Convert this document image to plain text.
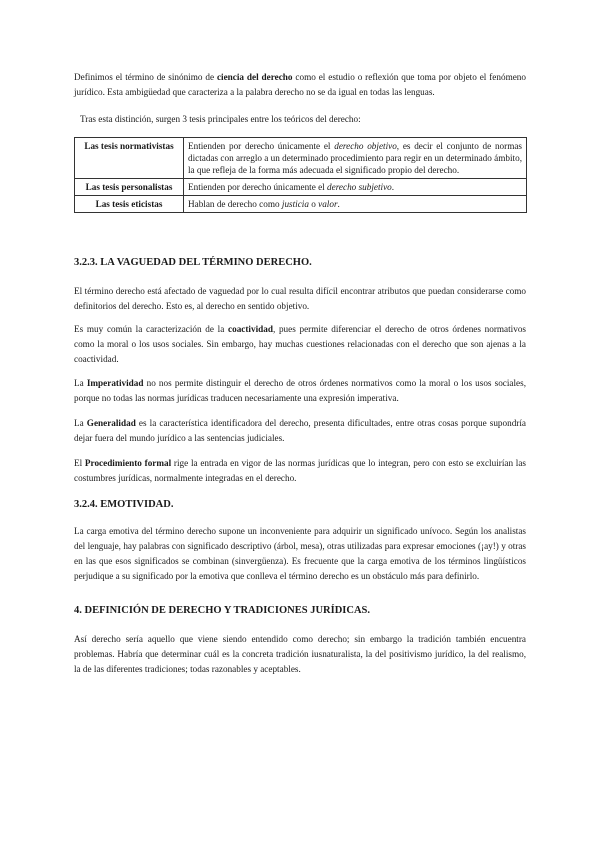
Definimos el término de sinónimo de ciencia del derecho como el estudio o reflexión que toma por objeto el fenómeno jurídico. Esta ambigüedad que caracteriza a la palabra derecho no se da igual en todas las lenguas.

Tras esta distinción, surgen 3 tesis principales entre los teóricos del derecho:

Las tesis normativistas	Entienden por derecho únicamente el derecho objetivo, es decir el conjunto de normas dictadas con arreglo a un determinado procedimiento para regir en un determinado ámbito, la que refleja de la forma más adecuada el significado propio del derecho.
Las tesis personalistas	Entienden por derecho únicamente el derecho subjetivo.
Las tesis eticistas	Hablan de derecho como justicia o valor.
3.2.3. LA VAGUEDAD DEL TÉRMINO DERECHO.

El término derecho está afectado de vaguedad por lo cual resulta difícil encontrar atributos que puedan considerarse como definitorios del derecho. Esto es, al derecho en sentido objetivo.

Es muy común la caracterización de la coactividad, pues permite diferenciar el derecho de otros órdenes normativos como la moral o los usos sociales. Sin embargo, hay muchas cuestiones relacionadas con el derecho que son ajenas a la coactividad.

La Imperatividad no nos permite distinguir el derecho de otros órdenes normativos como la moral o los usos sociales, porque no todas las normas jurídicas traducen necesariamente una expresión imperativa.

La Generalidad es la característica identificadora del derecho, presenta dificultades, entre otras cosas porque supondría dejar fuera del mundo jurídico a las sentencias judiciales.

El Procedimiento formal rige la entrada en vigor de las normas jurídicas que lo integran, pero con esto se excluirían las costumbres jurídicas, normalmente integradas en el derecho.

3.2.4. EMOTIVIDAD.

La carga emotiva del término derecho supone un inconveniente para adquirir un significado unívoco. Según los analistas del lenguaje, hay palabras con significado descriptivo (árbol, mesa), otras utilizadas para expresar emociones (¡ay!) y otras en las que esos significados se combinan (sinvergüenza). Es frecuente que la carga emotiva de los términos lingüísticos perjudique a su significado por la emotiva que conlleva el término derecho es un obstáculo más para definirlo.

4. DEFINICIÓN DE DERECHO Y TRADICIONES JURÍDICAS.

Así derecho sería aquello que viene siendo entendido como derecho; sin embargo la tradición también encuentra problemas. Habría que determinar cuál es la concreta tradición iusnaturalista, la del positivismo jurídico, la del realismo, la de las diferentes tradiciones; todas razonables y aceptables.
